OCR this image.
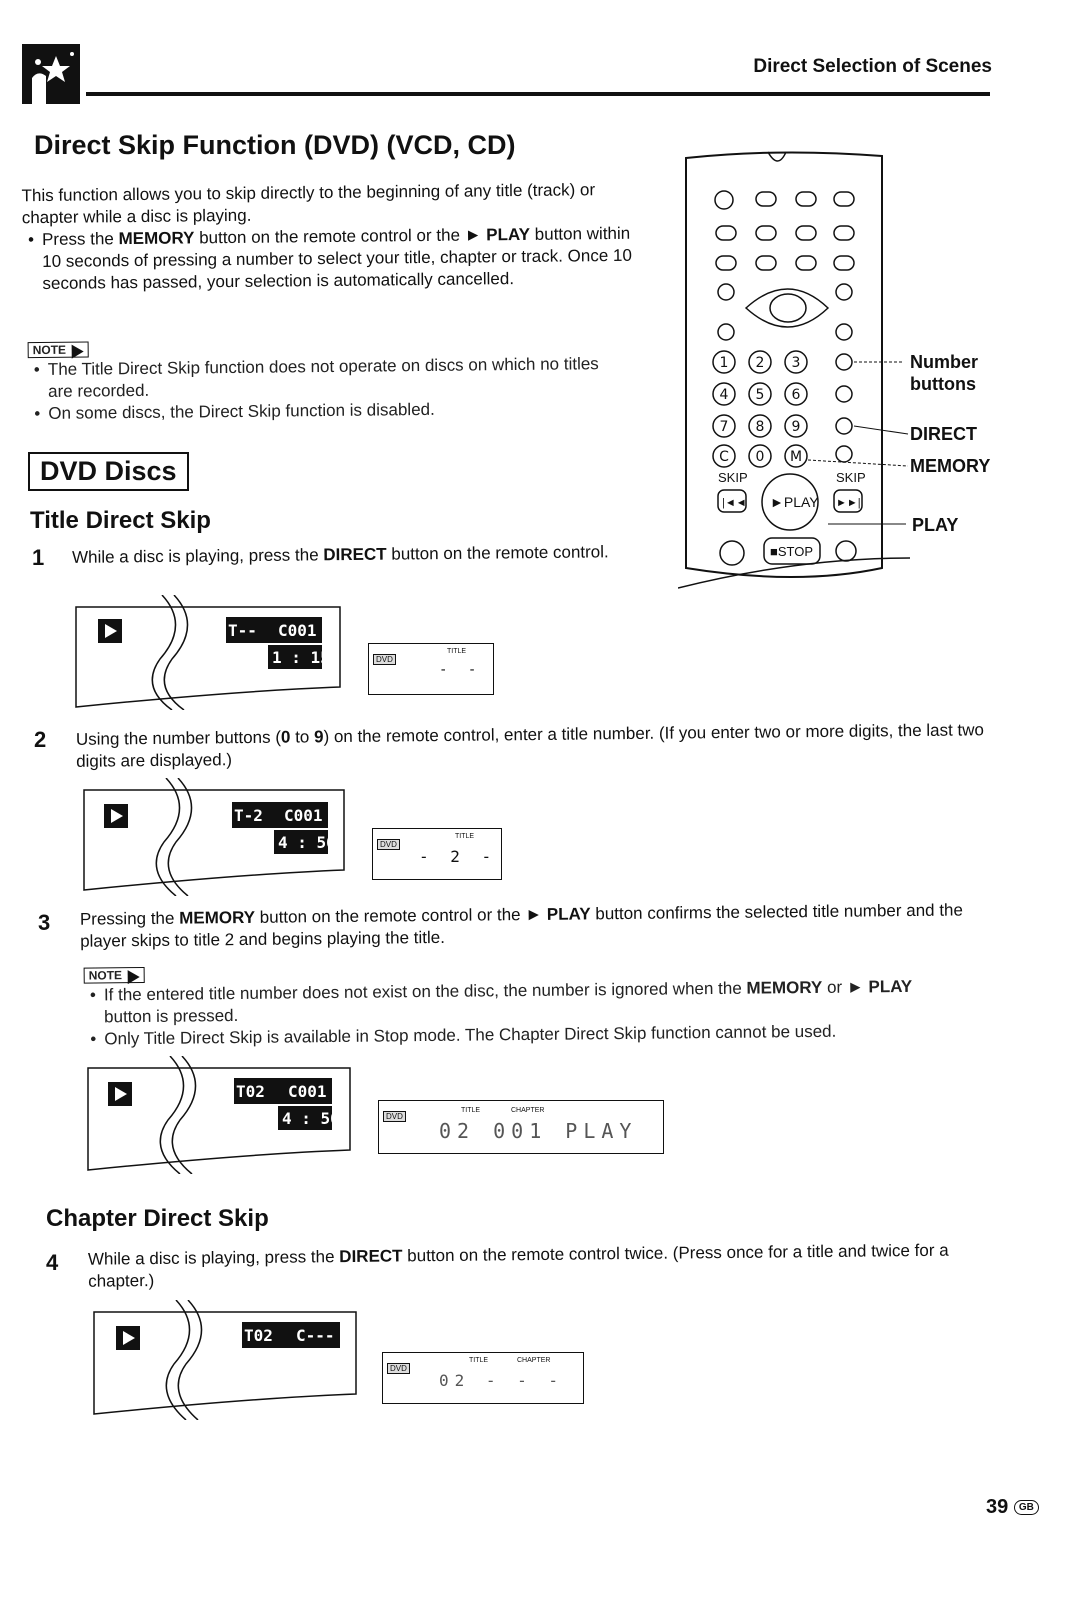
Direct Selection of Scenes
Direct Skip Function (DVD) (VCD, CD)

This function allows you to skip directly to the beginning of any title (track) or chapter while a disc is playing.

• Press the MEMORY button on the remote control or the ► PLAY button within 10 seconds of pressing a number to select your title, chapter or track. Once 10 seconds has passed, your selection is automatically cancelled.

NOTE

• The Title Direct Skip function does not operate on discs on which no titles are recorded.

• On some discs, the Direct Skip function is disabled.

DVD Discs
Title Direct Skip
1 While a disc is playing, press the DIRECT button on the remote control.

T-- C001
1 : 15	DVD
TITLE
- -
2 Using the number buttons (0 to 9) on the remote control, enter a title number. (If you enter two or more digits, the last two digits are displayed.)

T-2 C001
4 : 50	DVD
TITLE
- 2 -
3 Pressing the MEMORY button on the remote control or the ► PLAY button confirms the selected title number and the player skips to title 2 and begins playing the title.

NOTE

• If the entered title number does not exist on the disc, the number is ignored when the MEMORY or ► PLAY button is pressed.

• Only Title Direct Skip is available in Stop mode. The Chapter Direct Skip function cannot be used.

T02 C001
4 : 50	DVD
TITLE	CHAPTER
02 001 PLAY
Chapter Direct Skip
4 While a disc is playing, press the DIRECT button on the remote control twice. (Press once for a title and twice for a chapter.)

T02 C---
DVD
TITLE	CHAPTER
02 - - -
1 2 3
4 5 6
7 8 9
C 0 M
SKIP	SKIP
|◄◄ ►PLAY ►►|
■STOP
Number
buttons
DIRECT
MEMORY
PLAY
39 GB
